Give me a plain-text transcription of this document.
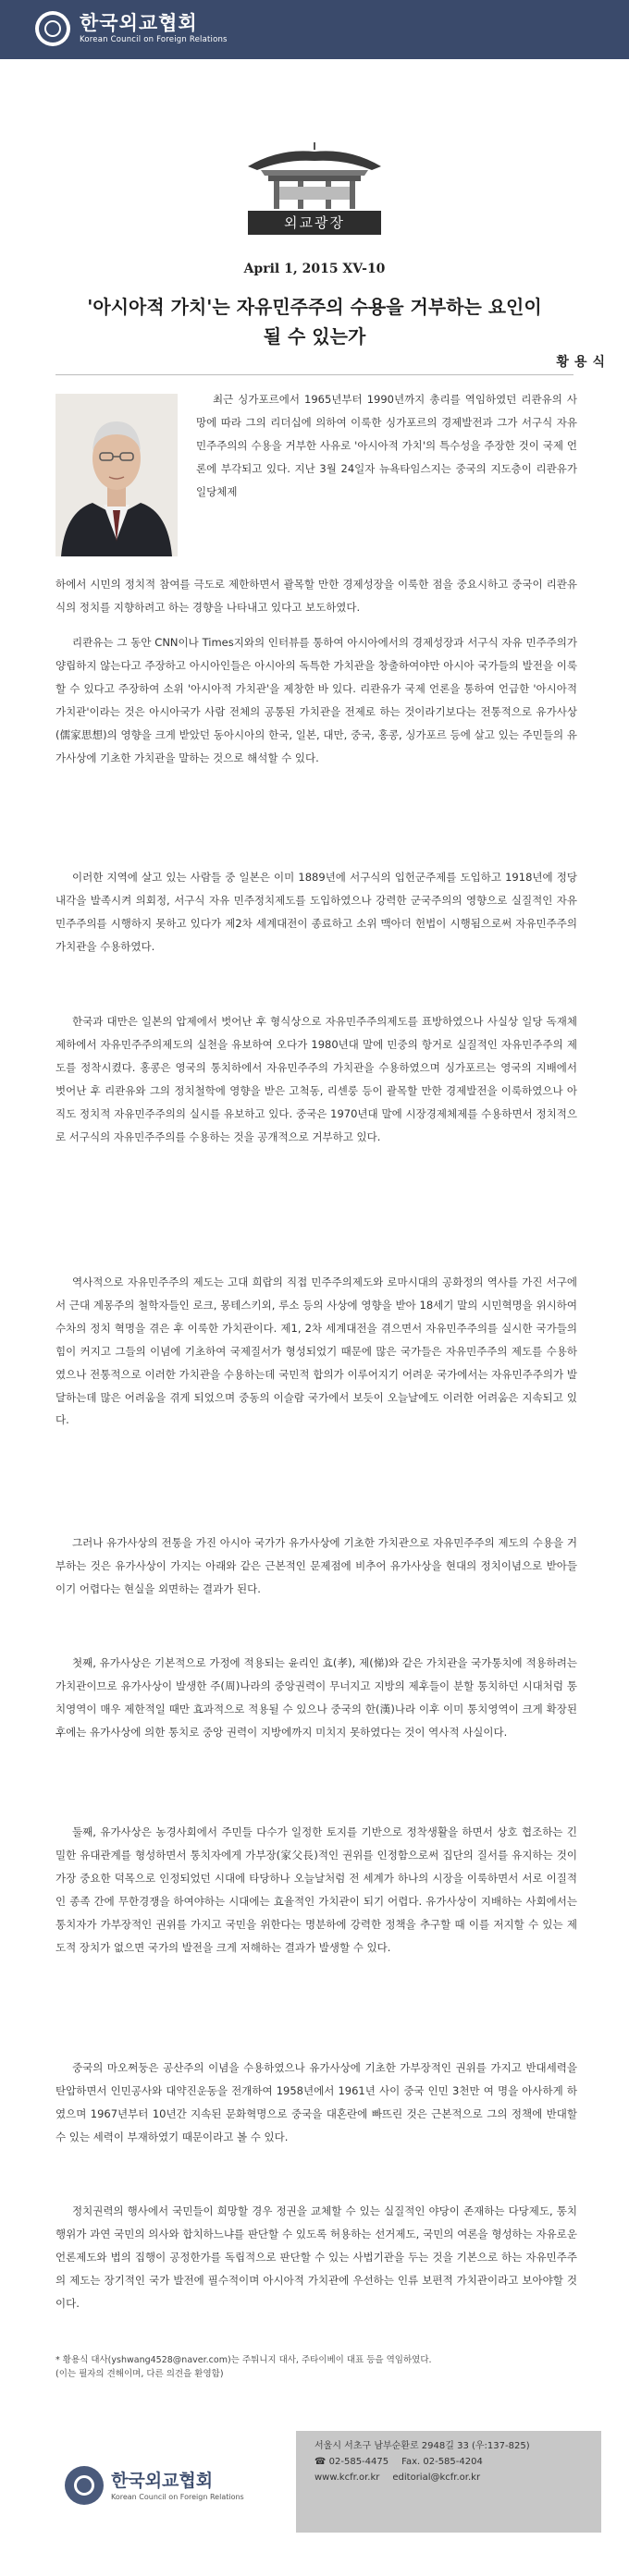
한국외교협회
Korean Council on Foreign Relations
외교광장
April 1, 2015 XV-10
'아시아적 가치'는 자유민주주의 수용을 거부하는 요인이
될 수 있는가
황용식
최근 싱가포르에서 1965년부터 1990년까지 총리를 역임하였던 리콴유의 사망에 따라 그의 리더십에 의하여 이룩한 싱가포르의 경제발전과 그가 서구식 자유민주주의의 수용을 거부한 사유로 '아시아적 가치'의 특수성을 주장한 것이 국제 언론에 부각되고 있다. 지난 3월 24일자 뉴욕타임스지는 중국의 지도층이 리콴유가 일당체제
하에서 시민의 정치적 참여를 극도로 제한하면서 괄목할 만한 경제성장을 이룩한 점을 중요시하고 중국이 리콴유식의 정치를 지향하려고 하는 경향을 나타내고 있다고 보도하였다.
리콴유는 그 동안 CNN이나 Times지와의 인터뷰를 통하여 아시아에서의 경제성장과 서구식 자유 민주주의가 양립하지 않는다고 주장하고 아시아인들은 아시아의 독특한 가치관을 창출하여야만 아시아 국가들의 발전을 이룩할 수 있다고 주장하여 소위 '아시아적 가치관'을 제창한 바 있다. 리콴유가 국제 언론을 통하여 언급한 '아시아적 가치관'이라는 것은 아시아국가 사람 전체의 공통된 가치관을 전제로 하는 것이라기보다는 전통적으로 유가사상(儒家思想)의 영향을 크게 받았던 동아시아의 한국, 일본, 대만, 중국, 홍콩, 싱가포르 등에 살고 있는 주민들의 유가사상에 기초한 가치관을 말하는 것으로 해석할 수 있다.
이러한 지역에 살고 있는 사람들 중 일본은 이미 1889년에 서구식의 입헌군주제를 도입하고 1918년에 정당내각을 발족시켜 의회정, 서구식 자유 민주정치제도를 도입하였으나 강력한 군국주의의 영향으로 실질적인 자유민주주의를 시행하지 못하고 있다가 제2차 세계대전이 종료하고 소위 맥아더 헌법이 시행됨으로써 자유민주주의 가치관을 수용하였다.
한국과 대만은 일본의 압제에서 벗어난 후 형식상으로 자유민주주의제도를 표방하였으나 사실상 일당 독재체제하에서 자유민주주의제도의 실천을 유보하여 오다가 1980년대 말에 민중의 항거로 실질적인 자유민주주의 제도를 정착시켰다. 홍콩은 영국의 통치하에서 자유민주주의 가치관을 수용하였으며 싱가포르는 영국의 지배에서 벗어난 후 리콴유와 그의 정치철학에 영향을 받은 고척동, 리센룽 등이 괄목할 만한 경제발전을 이룩하였으나 아직도 정치적 자유민주주의의 실시를 유보하고 있다. 중국은 1970년대 말에 시장경제체제를 수용하면서 정치적으로 서구식의 자유민주주의를 수용하는 것을 공개적으로 거부하고 있다.
역사적으로 자유민주주의 제도는 고대 희랍의 직접 민주주의제도와 로마시대의 공화정의 역사를 가진 서구에서 근대 계몽주의 철학자들인 로크, 몽테스키외, 루소 등의 사상에 영향을 받아 18세기 말의 시민혁명을 위시하여 수차의 정치 혁명을 겪은 후 이룩한 가치관이다. 제1, 2차 세계대전을 겪으면서 자유민주주의를 실시한 국가들의 힘이 커지고 그들의 이념에 기초하여 국제질서가 형성되었기 때문에 많은 국가들은 자유민주주의 제도를 수용하였으나 전통적으로 이러한 가치관을 수용하는데 국민적 합의가 이루어지기 어려운 국가에서는 자유민주주의가 발달하는데 많은 어려움을 겪게 되었으며 중동의 이슬람 국가에서 보듯이 오늘날에도 이러한 어려움은 지속되고 있다.
그러나 유가사상의 전통을 가진 아시아 국가가 유가사상에 기초한 가치관으로 자유민주주의 제도의 수용을 거부하는 것은 유가사상이 가지는 아래와 같은 근본적인 문제점에 비추어 유가사상을 현대의 정치이념으로 받아들이기 어렵다는 현실을 외면하는 결과가 된다.
첫째, 유가사상은 기본적으로 가정에 적용되는 윤리인 효(孝), 제(悌)와 같은 가치관을 국가통치에 적용하려는 가치관이므로 유가사상이 발생한 주(周)나라의 중앙권력이 무너지고 지방의 제후들이 분할 통치하던 시대처럼 통치영역이 매우 제한적일 때만 효과적으로 적용될 수 있으나 중국의 한(漢)나라 이후 이미 통치영역이 크게 확장된 후에는 유가사상에 의한 통치로 중앙 권력이 지방에까지 미치지 못하였다는 것이 역사적 사실이다.
둘째, 유가사상은 농경사회에서 주민들 다수가 일정한 토지를 기반으로 정착생활을 하면서 상호 협조하는 긴밀한 유대관계를 형성하면서 통치자에게 가부장(家父長)적인 권위를 인정함으로써 집단의 질서를 유지하는 것이 가장 중요한 덕목으로 인정되었던 시대에 타당하나 오늘날처럼 전 세계가 하나의 시장을 이룩하면서 서로 이질적인 종족 간에 무한경쟁을 하여야하는 시대에는 효율적인 가치관이 되기 어렵다. 유가사상이 지배하는 사회에서는 통치자가 가부장적인 권위를 가지고 국민을 위한다는 명분하에 강력한 정책을 추구할 때 이를 저지할 수 있는 제도적 장치가 없으면 국가의 발전을 크게 저해하는 결과가 발생할 수 있다.
중국의 마오쩌둥은 공산주의 이념을 수용하였으나 유가사상에 기초한 가부장적인 권위를 가지고 반대세력을 탄압하면서 인민공사와 대약진운동을 전개하여 1958년에서 1961년 사이 중국 인민 3천만 여 명을 아사하게 하였으며 1967년부터 10년간 지속된 문화혁명으로 중국을 대혼란에 빠뜨린 것은 근본적으로 그의 정책에 반대할 수 있는 세력이 부재하였기 때문이라고 볼 수 있다.
정치권력의 행사에서 국민들이 희망할 경우 정권을 교체할 수 있는 실질적인 야당이 존재하는 다당제도, 통치행위가 과연 국민의 의사와 합치하느냐를 판단할 수 있도록 허용하는 선거제도, 국민의 여론을 형성하는 자유로운 언론제도와 법의 집행이 공정한가를 독립적으로 판단할 수 있는 사법기관을 두는 것을 기본으로 하는 자유민주주의 제도는 장기적인 국가 발전에 필수적이며 아시아적 가치관에 우선하는 인류 보편적 가치관이라고 보아야할 것이다.
* 황용식 대사(yshwang4528@naver.com)는 주튀니지 대사, 주타이베이 대표 등을 역임하였다.
(이는 필자의 견해이며, 다른 의견을 환영함)
한국외교협회
Korean Council on Foreign Relations
서울시 서초구 남부순환로 2948길 33 (우:137-825)
☎ 02-585-4475 Fax. 02-585-4204
www.kcfr.or.kr editorial@kcfr.or.kr
